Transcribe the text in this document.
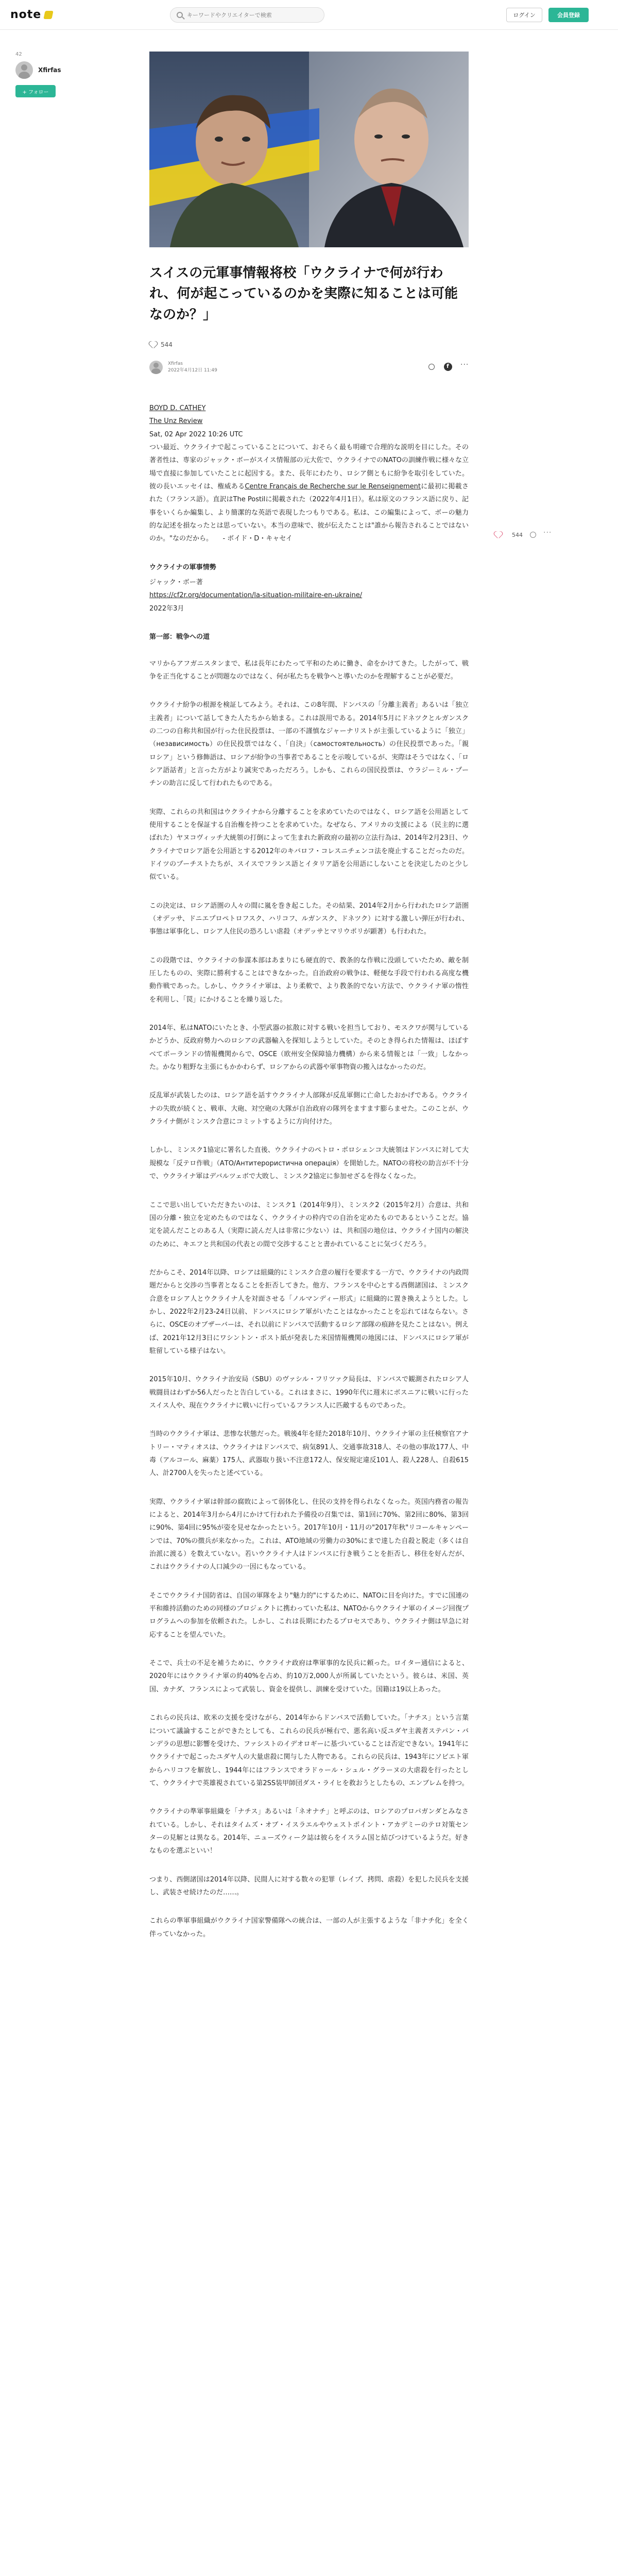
note
キーワードやクリエイターで検索	ログイン	会員登録
42
Xfirfas
+ フォロー
スイスの元軍事情報将校「ウクライナで何が行われ、何が起こっているのかを実際に知ることは可能なのか？」
544
Xfirfas
2022年4月12日 11:49
f
···
544
···

BOYD D. CATHEY
The Unz Review
Sat, 02 Apr 2022 10:26 UTC

つい最近、ウクライナで起こっていることについて、おそらく最も明確で合理的な説明を目にした。その著者性は、専家のジャック・ボーがスイス情報部の元大佐で、ウクライナでのNATOの訓練作戦に様々な立場で直接に参加していたことに起因する。また、長年にわたり、ロシア側ともに紛争を取引をしていた。彼の長いエッセイは、権威あるCentre Français de Recherche sur le Renseignementに最初に掲載された（フランス語）。直訳はThe Postilに掲載された（2022年4月1日）。私は原文のフランス語に戻り、記事をいくらか編集し、より簡潔的な英語で表現したつもりである。私は、この編集によって、ボーの魅力的な記述を損なったとは思っていない。本当の意味で、彼が伝えたことは"誰から報告されることではないのか。"なのだから。　　- ボイド・D・キャセイ

ウクライナの軍事情勢
ジャック・ボー著
https://cf2r.org/documentation/la-situation-militaire-en-ukraine/
2022年3月

第一部：戦争への道

マリからアフガニスタンまで、私は長年にわたって平和のために働き、命をかけてきた。したがって、戦争を正当化することが問題なのではなく、何が私たちを戦争へと導いたのかを理解することが必要だ。

ウクライナ紛争の根源を検証してみよう。それは、この8年間、ドンバスの「分離主義者」あるいは「独立主義者」について話してきた人たちから始まる。これは誤用である。2014年5月にドネツクとルガンスクの二つの自称共和国が行った住民投票は、一部の不謹慎なジャーナリストが主張しているように「独立」（независимость）の住民投票ではなく、「自決」（самостоятельность）の住民投票であった。「親ロシア」という修飾語は、ロシアが紛争の当事者であることを示唆しているが、実際はそうではなく、「ロシア語話者」と言った方がより誠実であっただろう。しかも、これらの国民投票は、ウラジーミル・プーチンの助言に反して行われたものである。

実際、これらの共和国はウクライナから分離することを求めていたのではなく、ロシア語を公用語として使用することを保証する自治権を持つことを求めていた。なぜなら、アメリカの支援による（民主的に選ばれた）ヤヌコヴィッチ大統領の打倒によって生まれた新政府の最初の立法行為は、2014年2月23日、ウクライナでロシア語を公用語とする2012年のキバロフ・コレスニチェンコ法を廃止することだったのだ。ドイツのプーチストたちが、スイスでフランス語とイタリア語を公用語にしないことを決定したのと少し似ている。

この決定は、ロシア語圏の人々の間に嵐を巻き起こした。その結果、2014年2月から行われたロシア語圏（オデッサ、ドニエプロペトロフスク、ハリコフ、ルガンスク、ドネツク）に対する激しい弾圧が行われ、事態は軍事化し、ロシア人住民の恐ろしい虐殺（オデッサとマリウポリが顕著）も行われた。

この段階では、ウクライナの参謀本部はあまりにも硬直的で、教条的な作戦に没頭していたため、敵を制圧したものの、実際に勝利することはできなかった。自治政府の戦争は、軽便な手段で行われる高度な機動作戦であった。しかし、ウクライナ軍は、より柔軟で、より教条的でない方法で、ウクライナ軍の惰性を利用し、「罠」にかけることを繰り返した。

2014年、私はNATOにいたとき、小型武器の拡散に対する戦いを担当しており、モスクワが関与しているかどうか、反政府勢力へのロシアの武器輸入を探知しようとしていた。そのとき得られた情報は、ほぼすべてポーランドの情報機関からで、OSCE（欧州安全保障協力機構）から来る情報とは「一致」しなかった。かなり粗野な主張にもかかわらず、ロシアからの武器や軍事物資の搬入はなかったのだ。

反乱軍が武装したのは、ロシア語を話すウクライナ人部隊が反乱軍側に亡命したおかげである。ウクライナの失敗が続くと、戦車、大砲、対空砲の大隊が自治政府の隊列をますます膨らませた。このことが、ウクライナ側がミンスク合意にコミットするように方向付けた。

しかし、ミンスク1協定に署名した直後、ウクライナのペトロ・ポロシェンコ大統領はドンバスに対して大規模な「反テロ作戦」（АТО/Антитерористична операція）を開始した。NATOの将校の助言が不十分で、ウクライナ軍はデバルツェボで大敗し、ミンスク2協定に参加せざるを得なくなった。

ここで思い出していただきたいのは、ミンスク1（2014年9月）、ミンスク2（2015年2月）合意は、共和国の分離・独立を定めたものではなく、ウクライナの枠内での自治を定めたものであるということだ。協定を読んだことのある人（実際に読んだ人は非常に少ない）は、共和国の地位は、ウクライナ国内の解決のために、キエフと共和国の代表との間で交渉することと書かれていることに気づくだろう。

だからこそ、2014年以降、ロシアは組織的にミンスク合意の履行を要求する一方で、ウクライナの内政問題だからと交渉の当事者となることを拒否してきた。他方、フランスを中心とする西側諸国は、ミンスク合意をロシア人とウクライナ人を対面させる「ノルマンディー形式」に組織的に置き換えようとした。しかし、2022年2月23-24日以前、ドンバスにロシア軍がいたことはなかったことを忘れてはならない。さらに、OSCEのオブザーバーは、それ以前にドンバスで活動するロシア部隊の痕跡を見たことはない。例えば、2021年12月3日にワシントン・ポスト紙が発表した米国情報機関の地図には、ドンバスにロシア軍が駐留している様子はない。

2015年10月、ウクライナ治安局（SBU）のヴァシル・フリツァク局長は、ドンバスで観測されたロシア人戦闘員はわずか56人だったと告白している。これはまさに、1990年代に週末にボスニアに戦いに行ったスイス人や、現在ウクライナに戦いに行っているフランス人に匹敵するものであった。

当時のウクライナ軍は、悲惨な状態だった。戦後4年を経た2018年10月、ウクライナ軍の主任検察官アナトリー・マティオスは、ウクライナはドンバスで、病気891人、交通事故318人、その他の事故177人、中毒（アルコール、麻薬）175人、武器取り扱い不注意172人、保安規定違反101人、殺人228人、自殺615人、計2700人を失ったと述べている。

実際、ウクライナ軍は幹部の腐敗によって弱体化し、住民の支持を得られなくなった。英国内務省の報告によると、2014年3月から4月にかけて行われた予備役の召集では、第1回に70%、第2回に80%、第3回に90%、第4回に95%が姿を見せなかったという。2017年10月・11月の"2017年秋"リコールキャンペーンでは、70%の徴兵が来なかった。これは、ATO地域の労働力の30%にまで達した自殺と脱走（多くは自治派に渡る）を数えていない。若いウクライナ人はドンバスに行き戦うことを拒否し、移住を好んだが、これはウクライナの人口減少の一因にもなっている。

そこでウクライナ国防省は、自国の軍隊をより"魅力的"にするために、NATOに目を向けた。すでに国連の平和維持活動のための同様のプロジェクトに携わっていた私は、NATOからウクライナ軍のイメージ回復プログラムへの参加を依頼された。しかし、これは長期にわたるプロセスであり、ウクライナ側は早急に対応することを望んでいた。

そこで、兵士の不足を補うために、ウクライナ政府は準軍事的な民兵に頼った。ロイター通信によると、2020年にはウクライナ軍の約40%を占め、約10万2,000人が所属していたという。彼らは、米国、英国、カナダ、フランスによって武装し、資金を提供し、訓練を受けていた。国籍は19以上あった。

これらの民兵は、欧米の支援を受けながら、2014年からドンバスで活動していた。「ナチス」という言葉について議論することができたとしても、これらの民兵が極右で、悪名高い反ユダヤ主義者ステパン・バンデラの思想に影響を受けた、ファシストのイデオロギーに基づいていることは否定できない。1941年にウクライナで起こったユダヤ人の大量虐殺に関与した人物である。これらの民兵は、1943年にソビエト軍からハリコフを解放し、1944年にはフランスでオラドゥール・シュル・グラーヌの大虐殺を行ったとして、ウクライナで英雄視されている第2SS装甲師団ダス・ライヒを救おうとしたもの、エンブレムを持つ。

ウクライナの準軍事組織を「ナチス」あるいは「ネオナチ」と呼ぶのは、ロシアのプロパガンダとみなされている。しかし、それはタイムズ・オブ・イスラエルやウェストポイント・アカデミーのテロ対策センターの見解とは異なる。2014年、ニューズウィーク誌は彼らをイスラム国と結びつけているようだ。好きなものを選ぶといい！

つまり、西側諸国は2014年以降、民間人に対する数々の犯罪（レイプ、拷問、虐殺）を犯した民兵を支援し、武装させ続けたのだ……。

これらの準軍事組織がウクライナ国家警備隊への統合は、一部の人が主張するような「非ナチ化」を全く伴っていなかった。
